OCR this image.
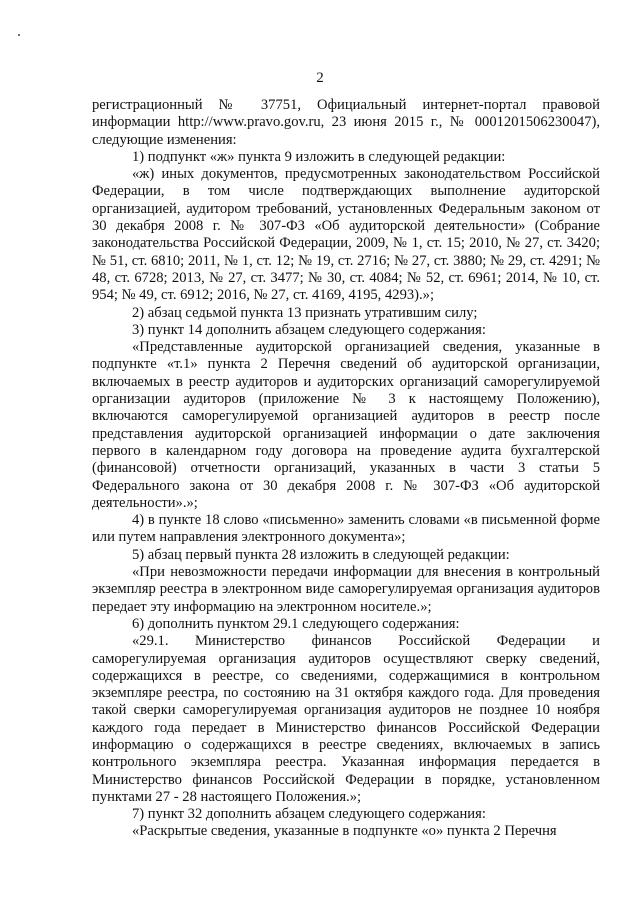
2

регистрационный № 37751, Официальный интернет-портал правовой информации http://www.pravo.gov.ru, 23 июня 2015 г., № 0001201506230047), следующие изменения:

1) подпункт «ж» пункта 9 изложить в следующей редакции:

«ж) иных документов, предусмотренных законодательством Российской Федерации, в том числе подтверждающих выполнение аудиторской организацией, аудитором требований, установленных Федеральным законом от 30 декабря 2008 г. № 307-ФЗ «Об аудиторской деятельности» (Собрание законодательства Российской Федерации, 2009, № 1, ст. 15; 2010, № 27, ст. 3420; № 51, ст. 6810; 2011, № 1, ст. 12; № 19, ст. 2716; № 27, ст. 3880; № 29, ст. 4291; № 48, ст. 6728; 2013, № 27, ст. 3477; № 30, ст. 4084; № 52, ст. 6961; 2014, № 10, ст. 954; № 49, ст. 6912; 2016, № 27, ст. 4169, 4195, 4293).»;

2) абзац седьмой пункта 13 признать утратившим силу;

3) пункт 14 дополнить абзацем следующего содержания:

«Представленные аудиторской организацией сведения, указанные в подпункте «т.1» пункта 2 Перечня сведений об аудиторской организации, включаемых в реестр аудиторов и аудиторских организаций саморегулируемой организации аудиторов (приложение № 3 к настоящему Положению), включаются саморегулируемой организацией аудиторов в реестр после представления аудиторской организацией информации о дате заключения первого в календарном году договора на проведение аудита бухгалтерской (финансовой) отчетности организаций, указанных в части 3 статьи 5 Федерального закона от 30 декабря 2008 г. № 307-ФЗ «Об аудиторской деятельности».»;

4) в пункте 18 слово «письменно» заменить словами «в письменной форме или путем направления электронного документа»;

5) абзац первый пункта 28 изложить в следующей редакции:

«При невозможности передачи информации для внесения в контрольный экземпляр реестра в электронном виде саморегулируемая организация аудиторов передает эту информацию на электронном носителе.»;

6) дополнить пунктом 29.1 следующего содержания:

«29.1. Министерство финансов Российской Федерации и саморегулируемая организация аудиторов осуществляют сверку сведений, содержащихся в реестре, со сведениями, содержащимися в контрольном экземпляре реестра, по состоянию на 31 октября каждого года. Для проведения такой сверки саморегулируемая организация аудиторов не позднее 10 ноября каждого года передает в Министерство финансов Российской Федерации информацию о содержащихся в реестре сведениях, включаемых в запись контрольного экземпляра реестра. Указанная информация передается в Министерство финансов Российской Федерации в порядке, установленном пунктами 27 - 28 настоящего Положения.»;

7) пункт 32 дополнить абзацем следующего содержания:

«Раскрытые сведения, указанные в подпункте «о» пункта 2 Перечня
